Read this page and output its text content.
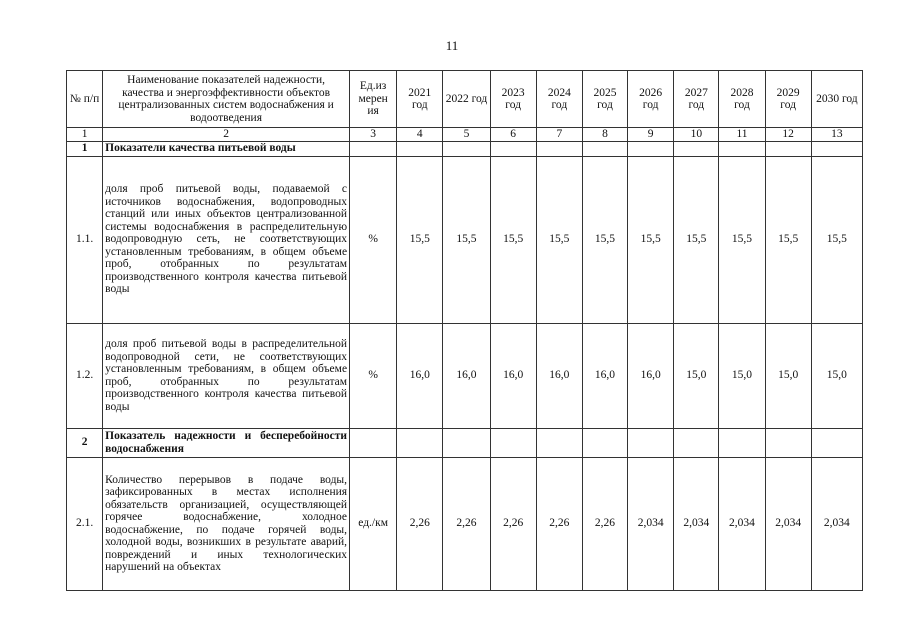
11
№ п/п	Наименование показателей надежности, качества и энергоэффективности объектов централизованных систем водоснабжения и водоотведения	Ед.из мерен ия	2021 год	2022 год	2023 год	2024 год	2025 год	2026 год	2027 год	2028 год	2029 год	2030 год
1	2	3	4	5	6	7	8	9	10	11	12	13
1	Показатели качества питьевой воды											
1.1.	доля проб питьевой воды, подаваемой с источников водоснабжения, водопроводных станций или иных объектов централизованной системы водоснабжения в распределительную водопроводную сеть, не соответствующих установленным требованиям, в общем объеме проб, отобранных по результатам производственного контроля качества питьевой воды	%	15,5	15,5	15,5	15,5	15,5	15,5	15,5	15,5	15,5	15,5
1.2.	доля проб питьевой воды в распределительной водопроводной сети, не соответствующих установленным требованиям, в общем объеме проб, отобранных по результатам производственного контроля качества питьевой воды	%	16,0	16,0	16,0	16,0	16,0	16,0	15,0	15,0	15,0	15,0
2	Показатель надежности и бесперебойности водоснабжения											
2.1.	Количество перерывов в подаче воды, зафиксированных в местах исполнения обязательств организацией, осуществляющей горячее водоснабжение, холодное водоснабжение, по подаче горячей воды, холодной воды, возникших в результате аварий, повреждений и иных технологических нарушений на объектах	ед./км	2,26	2,26	2,26	2,26	2,26	2,034	2,034	2,034	2,034	2,034
